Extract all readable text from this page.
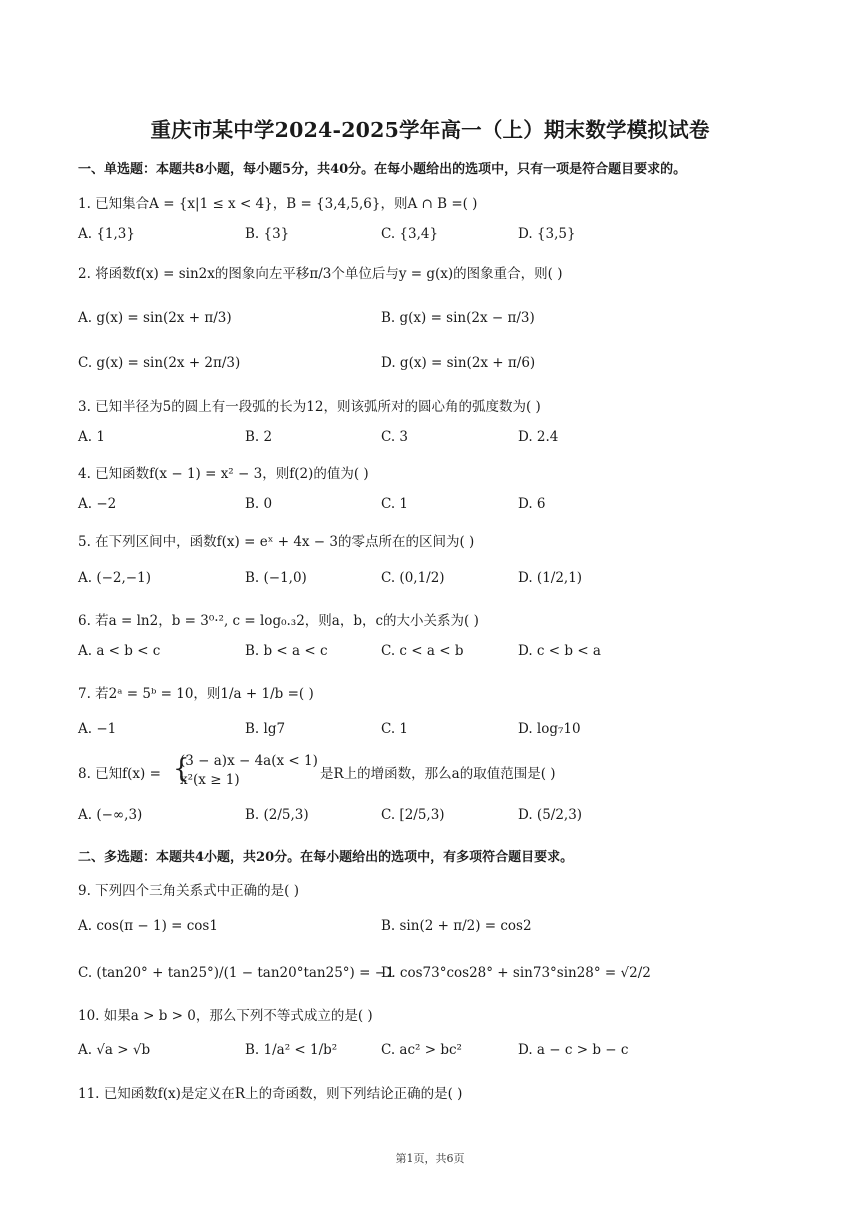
重庆市某中学2024-2025学年高一（上）期末数学模拟试卷
一、单选题：本题共8小题，每小题5分，共40分。在每小题给出的选项中，只有一项是符合题目要求的。
1. 已知集合A = {x|1 ≤ x < 4}，B = {3,4,5,6}，则A ∩ B =( )
A. {1,3}	B. {3}	C. {3,4}	D. {3,5}
2. 将函数f(x) = sin2x的图象向左平移π/3个单位后与y = g(x)的图象重合，则( )
A. g(x) = sin(2x + π/3)	B. g(x) = sin(2x − π/3)
C. g(x) = sin(2x + 2π/3)	D. g(x) = sin(2x + π/6)
3. 已知半径为5的圆上有一段弧的长为12，则该弧所对的圆心角的弧度数为( )
A. 1	B. 2	C. 3	D. 2.4
4. 已知函数f(x − 1) = x² − 3，则f(2)的值为( )
A. −2	B. 0	C. 1	D. 6
5. 在下列区间中，函数f(x) = eˣ + 4x − 3的零点所在的区间为( )
A. (−2,−1)	B. (−1,0)	C. (0,1/2)	D. (1/2,1)
6. 若a = ln2，b = 3⁰·², c = log₀.₃2，则a，b，c的大小关系为( )
A. a < b < c	B. b < a < c	C. c < a < b	D. c < b < a
7. 若2ᵃ = 5ᵇ = 10，则1/a + 1/b =( )
A. −1	B. lg7	C. 1	D. log₇10
8. 已知f(x) = {
(3 − a)x − 4a(x < 1)
x²(x ≥ 1)	是R上的增函数，那么a的取值范围是( )
A. (−∞,3)	B. (2/5,3)	C. [2/5,3)	D. (5/2,3)
二、多选题：本题共4小题，共20分。在每小题给出的选项中，有多项符合题目要求。
9. 下列四个三角关系式中正确的是( )
A. cos(π − 1) = cos1	B. sin(2 + π/2) = cos2
C. (tan20° + tan25°)/(1 − tan20°tan25°) = −1
D. cos73°cos28° + sin73°sin28° = √2/2
10. 如果a > b > 0，那么下列不等式成立的是( )
A. √a > √b	B. 1/a² < 1/b²	C. ac² > bc²	D. a − c > b − c
11. 已知函数f(x)是定义在R上的奇函数，则下列结论正确的是( )
第1页，共6页
